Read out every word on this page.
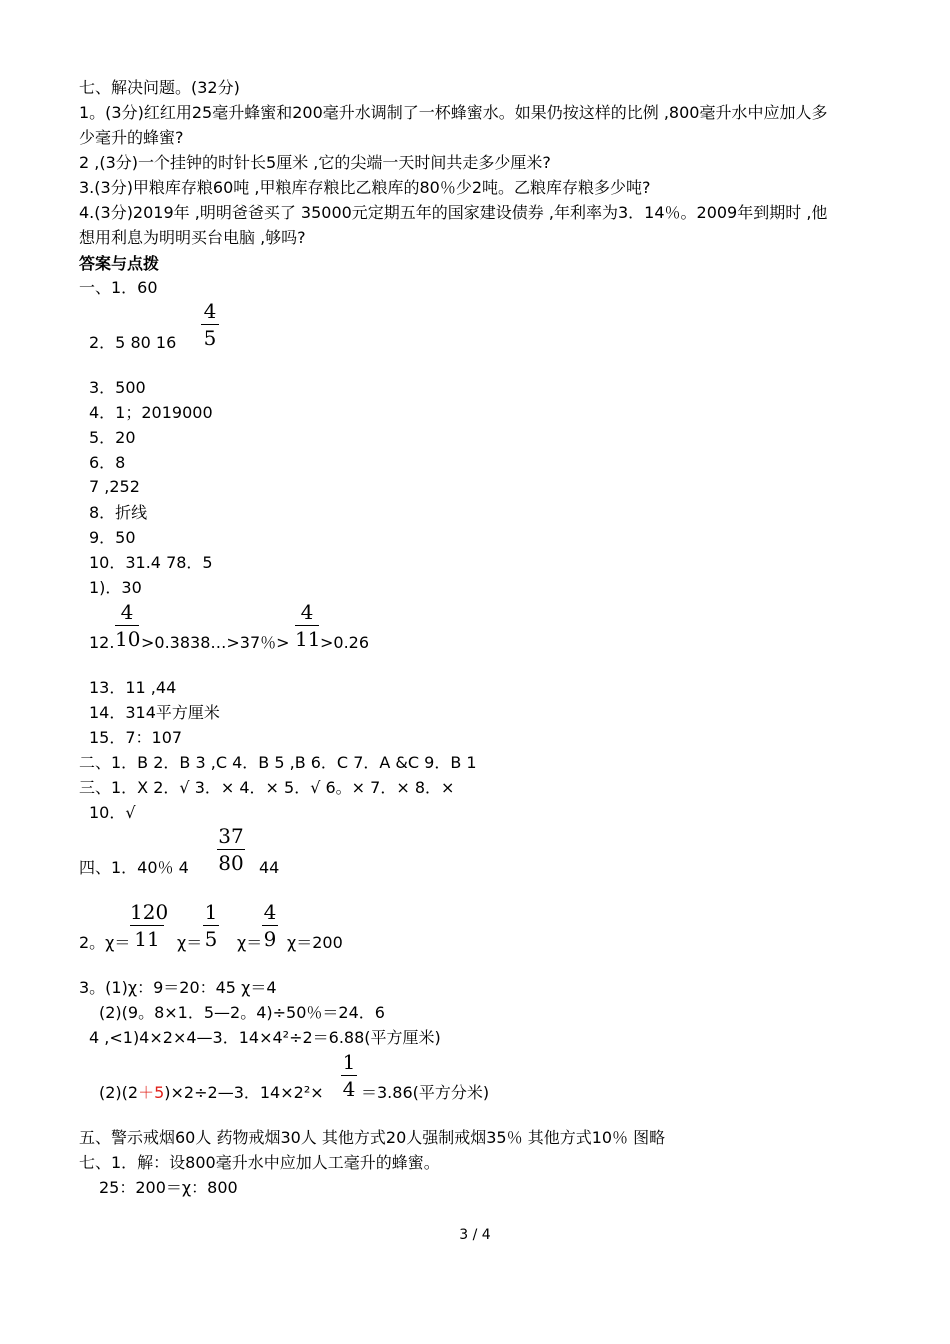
七、解决问题。(32分)
1。(3分)红红用25毫升蜂蜜和200毫升水调制了一杯蜂蜜水。如果仍按这样的比例 ,800毫升水中应加人多
少毫升的蜂蜜?
2 ,(3分)一个挂钟的时针长5厘米 ,它的尖端一天时间共走多少厘米?
3.(3分)甲粮库存粮60吨 ,甲粮库存粮比乙粮库的80％少2吨。乙粮库存粮多少吨?
4.(3分)2019年 ,明明爸爸买了 35000元定期五年的国家建设债券 ,年利率为3．14％。2009年到期时 ,他
想用利息为明明买台电脑 ,够吗?
答案与点拨
一、1．60
2．5 80 16
4
5
3．500
4．1；2019000
5．20
6．8
7 ,252
8．折线
9．50
10．31.4 78．5
1)．30
12.
4
10 >0.3838…>37％>
4
11 >0.26
13．11 ,44
14．314平方厘米
15．7：107
二、1．B 2．B 3 ,C 4．B 5 ,B 6．C 7．A &C 9．B 1
三、1．X 2．√ 3．× 4．× 5．√ 6。× 7．× 8．×
10．√
四、1．40％ 4
37
80 44
2。χ＝
120
11 χ＝
1
5 χ＝
4
9 χ＝200
3。(1)χ：9＝20：45 χ＝4
(2)(9。8×1．5—2。4)÷50％＝24．6
4 ,<1)4×2×4—3．14×4²÷2＝6.88(平方厘米)
(2)(2＋5)×2÷2—3．14×2²×
1
4 ＝3.86(平方分米)
五、警示戒烟60人 药物戒烟30人 其他方式20人强制戒烟35％ 其他方式10％ 图略
七、1．解：设800毫升水中应加人工毫升的蜂蜜。
25：200＝χ：800
3 / 4
